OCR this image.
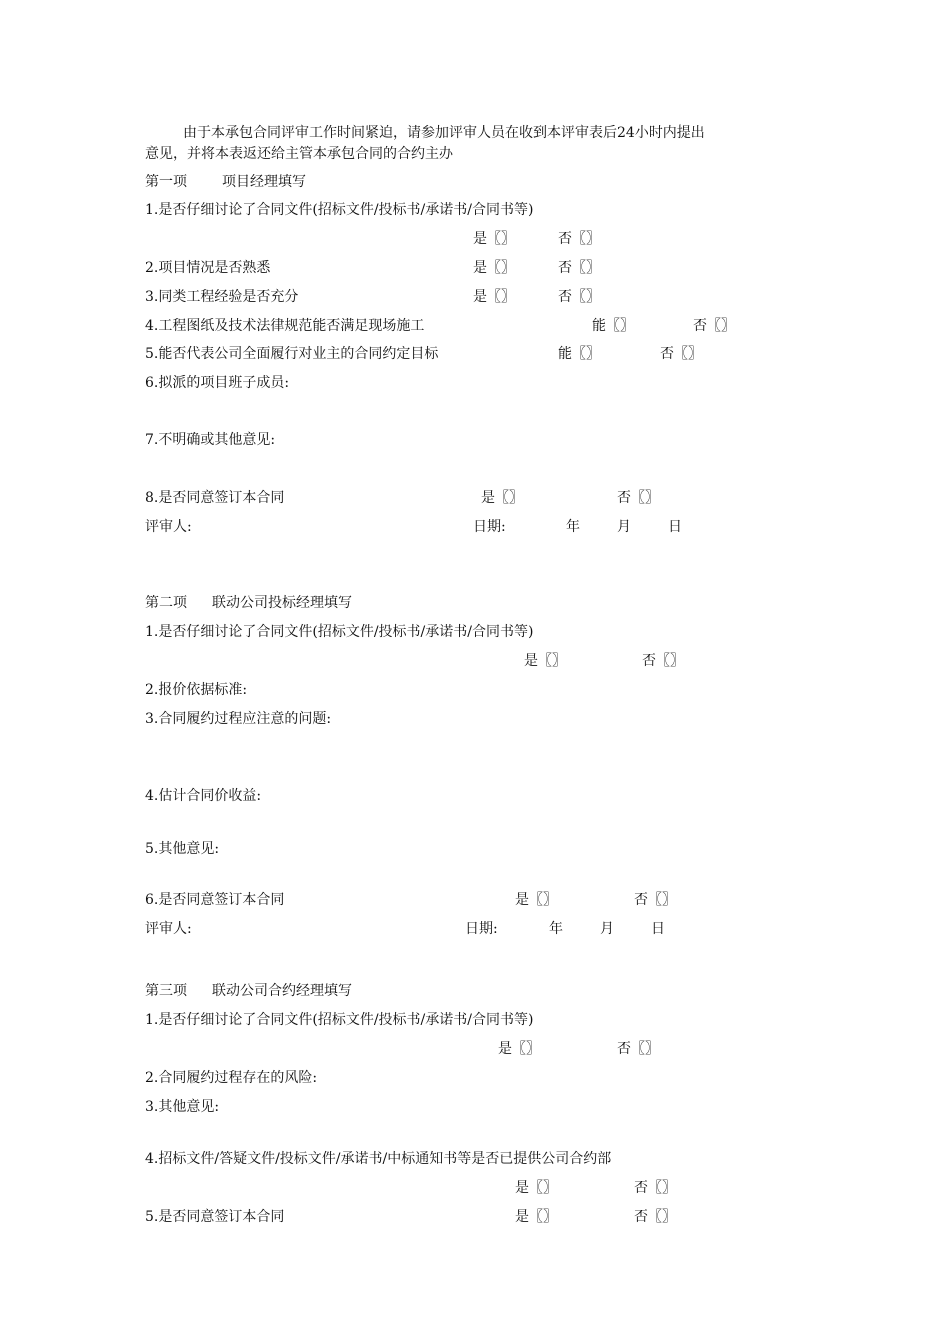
由于本承包合同评审工作时间紧迫，请参加评审人员在收到本评审表后24小时内提出
意见，并将本表返还给主管本承包合同的合约主办
第一项	项目经理填写
1.是否仔细讨论了合同文件(招标文件/投标书/承诺书/合同书等)
是〖〗	否〖〗
2.项目情况是否熟悉	是〖〗	否〖〗
3.同类工程经验是否充分	是〖〗	否〖〗
4.工程图纸及技术法律规范能否满足现场施工	能〖〗	否〖〗
5.能否代表公司全面履行对业主的合同约定目标	能〖〗	否〖〗
6.拟派的项目班子成员:
7.不明确或其他意见:
8.是否同意签订本合同	是〖〗	否〖〗
评审人:	日期:	年	月	日
第二项 联动公司投标经理填写
1.是否仔细讨论了合同文件(招标文件/投标书/承诺书/合同书等)
是〖〗	否〖〗
2.报价依据标准:
3.合同履约过程应注意的问题:
4.估计合同价收益:
5.其他意见:
6.是否同意签订本合同	是〖〗	否〖〗
评审人:	日期:	年	月	日
第三项 联动公司合约经理填写
1.是否仔细讨论了合同文件(招标文件/投标书/承诺书/合同书等)
是〖〗	否〖〗
2.合同履约过程存在的风险:
3.其他意见:
4.招标文件/答疑文件/投标文件/承诺书/中标通知书等是否已提供公司合约部
是〖〗	否〖〗
5.是否同意签订本合同	是〖〗	否〖〗
